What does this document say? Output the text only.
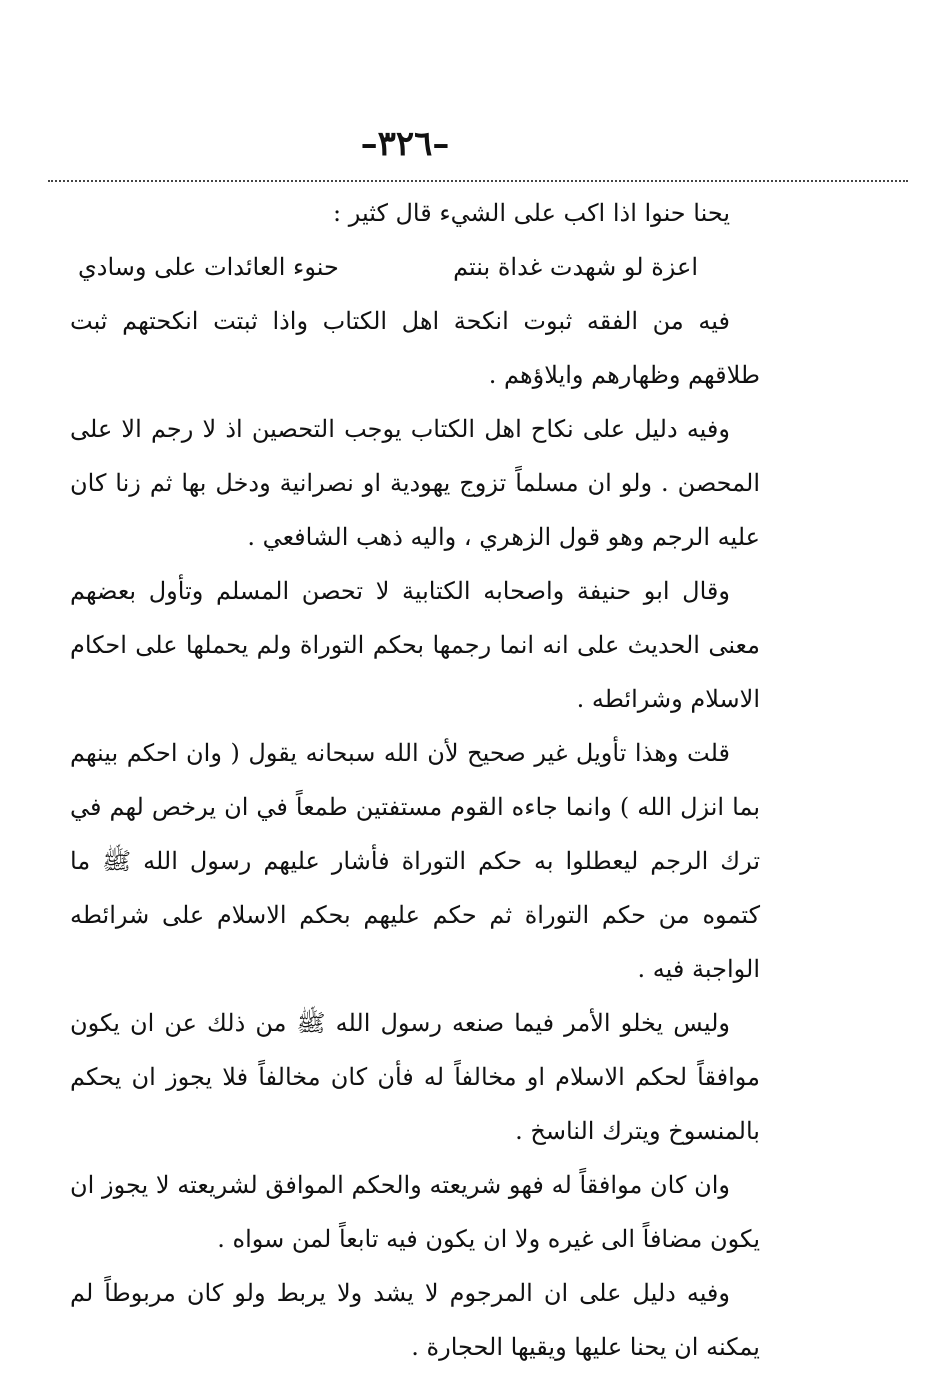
–٣٢٦–

يحنا حنوا اذا اكب على الشيء قال كثير :

اعزة لو شهدت غداة بنتم
حنوء العائدات على وسادي

فيه من الفقه ثبوت انكحة اهل الكتاب واذا ثبتت انكحتهم ثبت طلاقهم وظهارهم وايلاؤهم .

وفيه دليل على نكاح اهل الكتاب يوجب التحصين اذ لا رجم الا على المحصن . ولو ان مسلماً تزوج يهودية او نصرانية ودخل بها ثم زنا كان عليه الرجم وهو قول الزهري ، واليه ذهب الشافعي .

وقال ابو حنيفة واصحابه الكتابية لا تحصن المسلم وتأول بعضهم معنى الحديث على انه انما رجمها بحكم التوراة ولم يحملها على احكام الاسلام وشرائطه .

قلت وهذا تأويل غير صحيح لأن الله سبحانه يقول ( وان احكم بينهم بما انزل الله ) وانما جاءه القوم مستفتين طمعاً في ان يرخص لهم في ترك الرجم ليعطلوا به حكم التوراة فأشار عليهم رسول الله ﷺ ما كتموه من حكم التوراة ثم حكم عليهم بحكم الاسلام على شرائطه الواجبة فيه .

وليس يخلو الأمر فيما صنعه رسول الله ﷺ من ذلك عن ان يكون موافقاً لحكم الاسلام او مخالفاً له فأن كان مخالفاً فلا يجوز ان يحكم بالمنسوخ ويترك الناسخ .

وان كان موافقاً له فهو شريعته والحكم الموافق لشريعته لا يجوز ان يكون مضافاً الى غيره ولا ان يكون فيه تابعاً لمن سواه .

وفيه دليل على ان المرجوم لا يشد ولا يربط ولو كان مربوطاً لم يمكنه ان يحنا عليها ويقيها الحجارة .
